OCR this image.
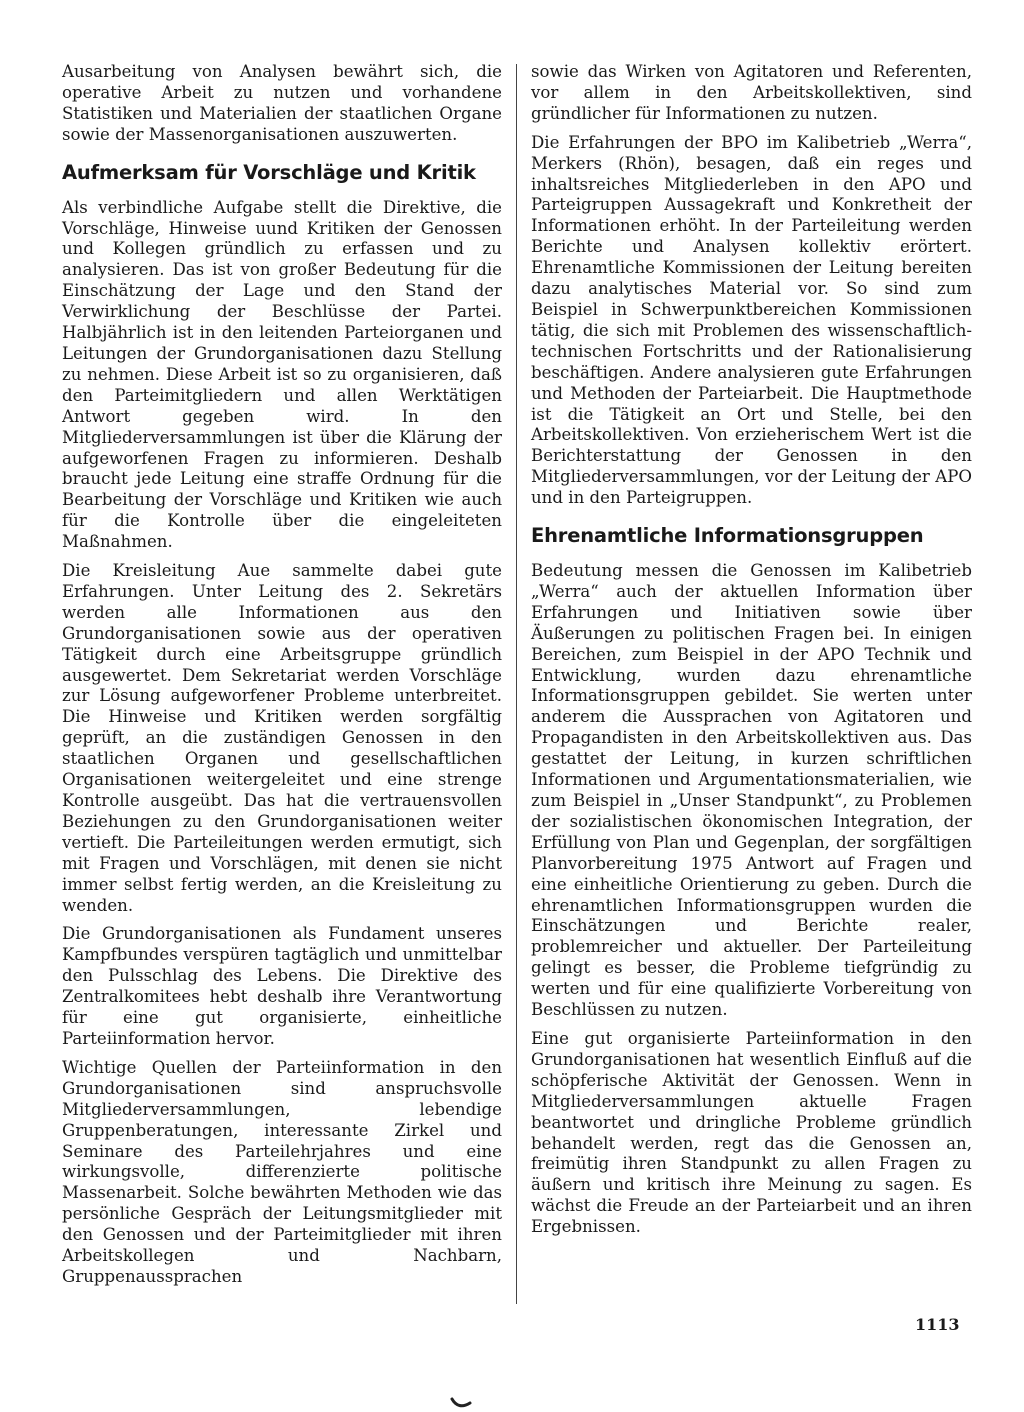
Ausarbeitung von Analysen bewährt sich, die operative Arbeit zu nutzen und vorhandene Statistiken und Materialien der staatlichen Organe sowie der Massenorganisationen auszuwerten.

Aufmerksam für Vorschläge und Kritik

Als verbindliche Aufgabe stellt die Direktive, die Vorschläge, Hinweise uund Kritiken der Genossen und Kollegen gründlich zu erfassen und zu analysieren. Das ist von großer Bedeutung für die Einschätzung der Lage und den Stand der Verwirklichung der Beschlüsse der Partei. Halbjährlich ist in den leitenden Parteiorganen und Leitungen der Grundorganisationen dazu Stellung zu nehmen. Diese Arbeit ist so zu organisieren, daß den Parteimitgliedern und allen Werktätigen Antwort gegeben wird. In den Mitgliederversammlungen ist über die Klärung der aufgeworfenen Fragen zu informieren. Deshalb braucht jede Leitung eine straffe Ordnung für die Bearbeitung der Vorschläge und Kritiken wie auch für die Kontrolle über die eingeleiteten Maßnahmen.

Die Kreisleitung Aue sammelte dabei gute Erfahrungen. Unter Leitung des 2. Sekretärs werden alle Informationen aus den Grundorganisationen sowie aus der operativen Tätigkeit durch eine Arbeitsgruppe gründlich ausgewertet. Dem Sekretariat werden Vorschläge zur Lösung aufgeworfener Probleme unterbreitet. Die Hinweise und Kritiken werden sorgfältig geprüft, an die zuständigen Genossen in den staatlichen Organen und gesellschaftlichen Organisationen weitergeleitet und eine strenge Kontrolle ausgeübt. Das hat die vertrauensvollen Beziehungen zu den Grundorganisationen weiter vertieft. Die Parteileitungen werden ermutigt, sich mit Fragen und Vorschlägen, mit denen sie nicht immer selbst fertig werden, an die Kreisleitung zu wenden.

Die Grundorganisationen als Fundament unseres Kampfbundes verspüren tagtäglich und unmittelbar den Pulsschlag des Lebens. Die Direktive des Zentralkomitees hebt deshalb ihre Verantwortung für eine gut organisierte, einheitliche Parteiinformation hervor.

Wichtige Quellen der Parteiinformation in den Grundorganisationen sind anspruchsvolle Mitgliederversammlungen, lebendige Gruppenberatungen, interessante Zirkel und Seminare des Parteilehrjahres und eine wirkungsvolle, differenzierte politische Massenarbeit. Solche bewährten Methoden wie das persönliche Gespräch der Leitungsmitglieder mit den Genossen und der Parteimitglieder mit ihren Arbeitskollegen und Nachbarn, Gruppenaussprachen

sowie das Wirken von Agitatoren und Referenten, vor allem in den Arbeitskollektiven, sind gründlicher für Informationen zu nutzen.

Die Erfahrungen der BPO im Kalibetrieb „Werra“, Merkers (Rhön), besagen, daß ein reges und inhaltsreiches Mitgliederleben in den APO und Parteigruppen Aussagekraft und Konkretheit der Informationen erhöht. In der Parteileitung werden Berichte und Analysen kollektiv erörtert. Ehrenamtliche Kommissionen der Leitung bereiten dazu analytisches Material vor. So sind zum Beispiel in Schwerpunktbereichen Kommissionen tätig, die sich mit Problemen des wissenschaftlich-technischen Fortschritts und der Rationalisierung beschäftigen. Andere analysieren gute Erfahrungen und Methoden der Parteiarbeit. Die Hauptmethode ist die Tätigkeit an Ort und Stelle, bei den Arbeitskollektiven. Von erzieherischem Wert ist die Berichterstattung der Genossen in den Mitgliederversammlungen, vor der Leitung der APO und in den Parteigruppen.

Ehrenamtliche Informationsgruppen

Bedeutung messen die Genossen im Kalibetrieb „Werra“ auch der aktuellen Information über Erfahrungen und Initiativen sowie über Äußerungen zu politischen Fragen bei. In einigen Bereichen, zum Beispiel in der APO Technik und Entwicklung, wurden dazu ehrenamtliche Informationsgruppen gebildet. Sie werten unter anderem die Aussprachen von Agitatoren und Propagandisten in den Arbeitskollektiven aus. Das gestattet der Leitung, in kurzen schriftlichen Informationen und Argumentationsmaterialien, wie zum Beispiel in „Unser Standpunkt“, zu Problemen der sozialistischen ökonomischen Integration, der Erfüllung von Plan und Gegenplan, der sorgfältigen Planvorbereitung 1975 Antwort auf Fragen und eine einheitliche Orientierung zu geben. Durch die ehrenamtlichen Informationsgruppen wurden die Einschätzungen und Berichte realer, problemreicher und aktueller. Der Parteileitung gelingt es besser, die Probleme tiefgründig zu werten und für eine qualifizierte Vorbereitung von Beschlüssen zu nutzen.

Eine gut organisierte Parteiinformation in den Grundorganisationen hat wesentlich Einfluß auf die schöpferische Aktivität der Genossen. Wenn in Mitgliederversammlungen aktuelle Fragen beantwortet und dringliche Probleme gründlich behandelt werden, regt das die Genossen an, freimütig ihren Standpunkt zu allen Fragen zu äußern und kritisch ihre Meinung zu sagen. Es wächst die Freude an der Parteiarbeit und an ihren Ergebnissen.

1113
